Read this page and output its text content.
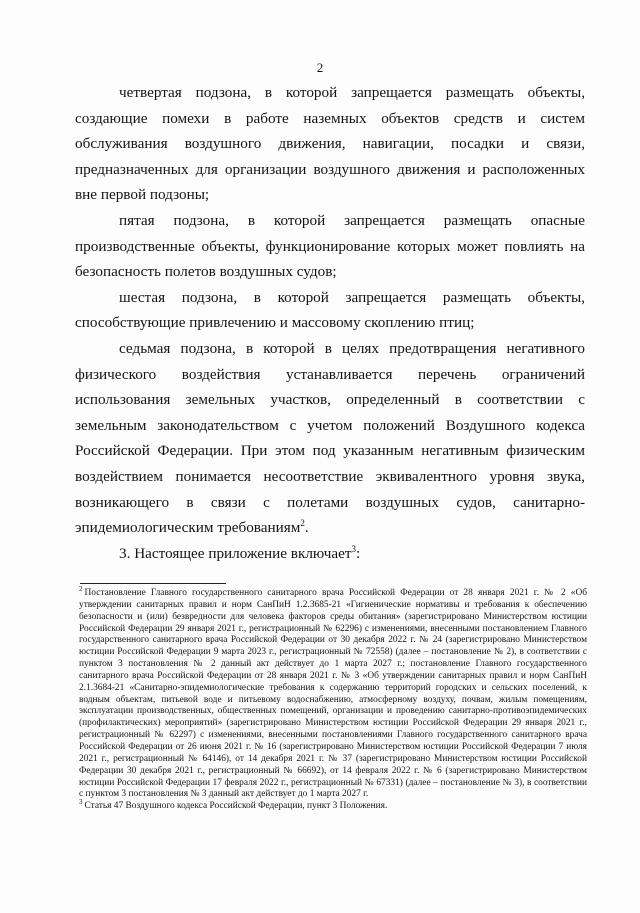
2

четвертая подзона, в которой запрещается размещать объекты, создающие помехи в работе наземных объектов средств и систем обслуживания воздушного движения, навигации, посадки и связи, предназначенных для организации воздушного движения и расположенных вне первой подзоны;

пятая подзона, в которой запрещается размещать опасные производственные объекты, функционирование которых может повлиять на безопасность полетов воздушных судов;

шестая подзона, в которой запрещается размещать объекты, способствующие привлечению и массовому скоплению птиц;

седьмая подзона, в которой в целях предотвращения негативного физического воздействия устанавливается перечень ограничений использования земельных участков, определенный в соответствии с земельным законодательством с учетом положений Воздушного кодекса Российской Федерации. При этом под указанным негативным физическим воздействием понимается несоответствие эквивалентного уровня звука, возникающего в связи с полетами воздушных судов, санитарно-эпидемиологическим требованиям$^2$.

3. Настоящее приложение включает$^3$:

$^2$ Постановление Главного государственного санитарного врача Российской Федерации от 28 января 2021 г. № 2 «Об утверждении санитарных правил и норм СанПиН 1.2.3685-21 «Гигиенические нормативы и требования к обеспечению безопасности и (или) безвредности для человека факторов среды обитания» (зарегистрировано Министерством юстиции Российской Федерации 29 января 2021 г., регистрационный № 62296) с изменениями, внесенными постановлением Главного государственного санитарного врача Российской Федерации от 30 декабря 2022 г. № 24 (зарегистрировано Министерством юстиции Российской Федерации 9 марта 2023 г., регистрационный № 72558) (далее – постановление № 2), в соответствии с пунктом 3 постановления № 2 данный акт действует до 1 марта 2027 г.; постановление Главного государственного санитарного врача Российской Федерации от 28 января 2021 г. № 3 «Об утверждении санитарных правил и норм СанПиН 2.1.3684-21 «Санитарно-эпидемиологические требования к содержанию территорий городских и сельских поселений, к водным объектам, питьевой воде и питьевому водоснабжению, атмосферному воздуху, почвам, жилым помещениям, эксплуатации производственных, общественных помещений, организации и проведению санитарно-противоэпидемических (профилактических) мероприятий» (зарегистрировано Министерством юстиции Российской Федерации 29 января 2021 г., регистрационный № 62297) с изменениями, внесенными постановлениями Главного государственного санитарного врача Российской Федерации от 26 июня 2021 г. № 16 (зарегистрировано Министерством юстиции Российской Федерации 7 июля 2021 г., регистрационный № 64146), от 14 декабря 2021 г. № 37 (зарегистрировано Министерством юстиции Российской Федерации 30 декабря 2021 г., регистрационный № 66692), от 14 февраля 2022 г. № 6 (зарегистрировано Министерством юстиции Российской Федерации 17 февраля 2022 г., регистрационный № 67331) (далее – постановление № 3), в соответствии с пунктом 3 постановления № 3 данный акт действует до 1 марта 2027 г.

$^3$ Статья 47 Воздушного кодекса Российской Федерации, пункт 3 Положения.
